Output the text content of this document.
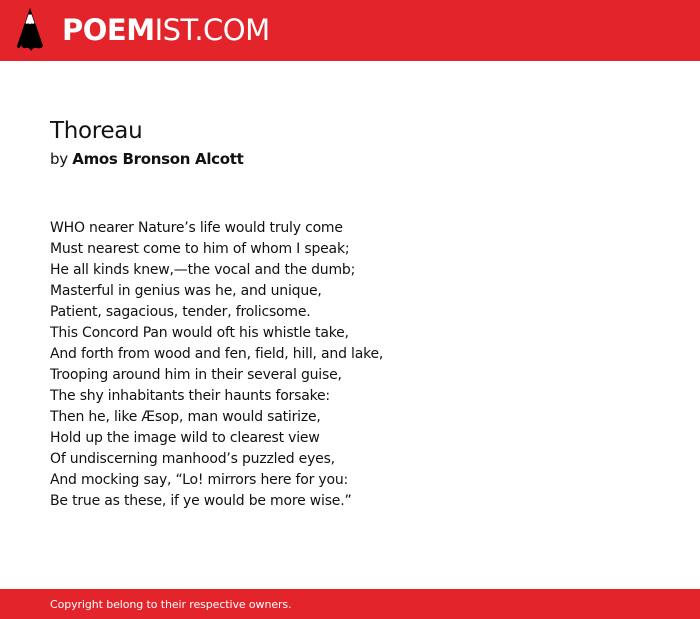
POEMIST.COM
Thoreau
by Amos Bronson Alcott
WHO nearer Nature’s life would truly come
Must nearest come to him of whom I speak;
He all kinds knew,—the vocal and the dumb;
Masterful in genius was he, and unique,
Patient, sagacious, tender, frolicsome.
This Concord Pan would oft his whistle take,
And forth from wood and fen, field, hill, and lake,
Trooping around him in their several guise,
The shy inhabitants their haunts forsake:
Then he, like Æsop, man would satirize,
Hold up the image wild to clearest view
Of undiscerning manhood’s puzzled eyes,
And mocking say, “Lo! mirrors here for you:
Be true as these, if ye would be more wise.”
Copyright belong to their respective owners.
